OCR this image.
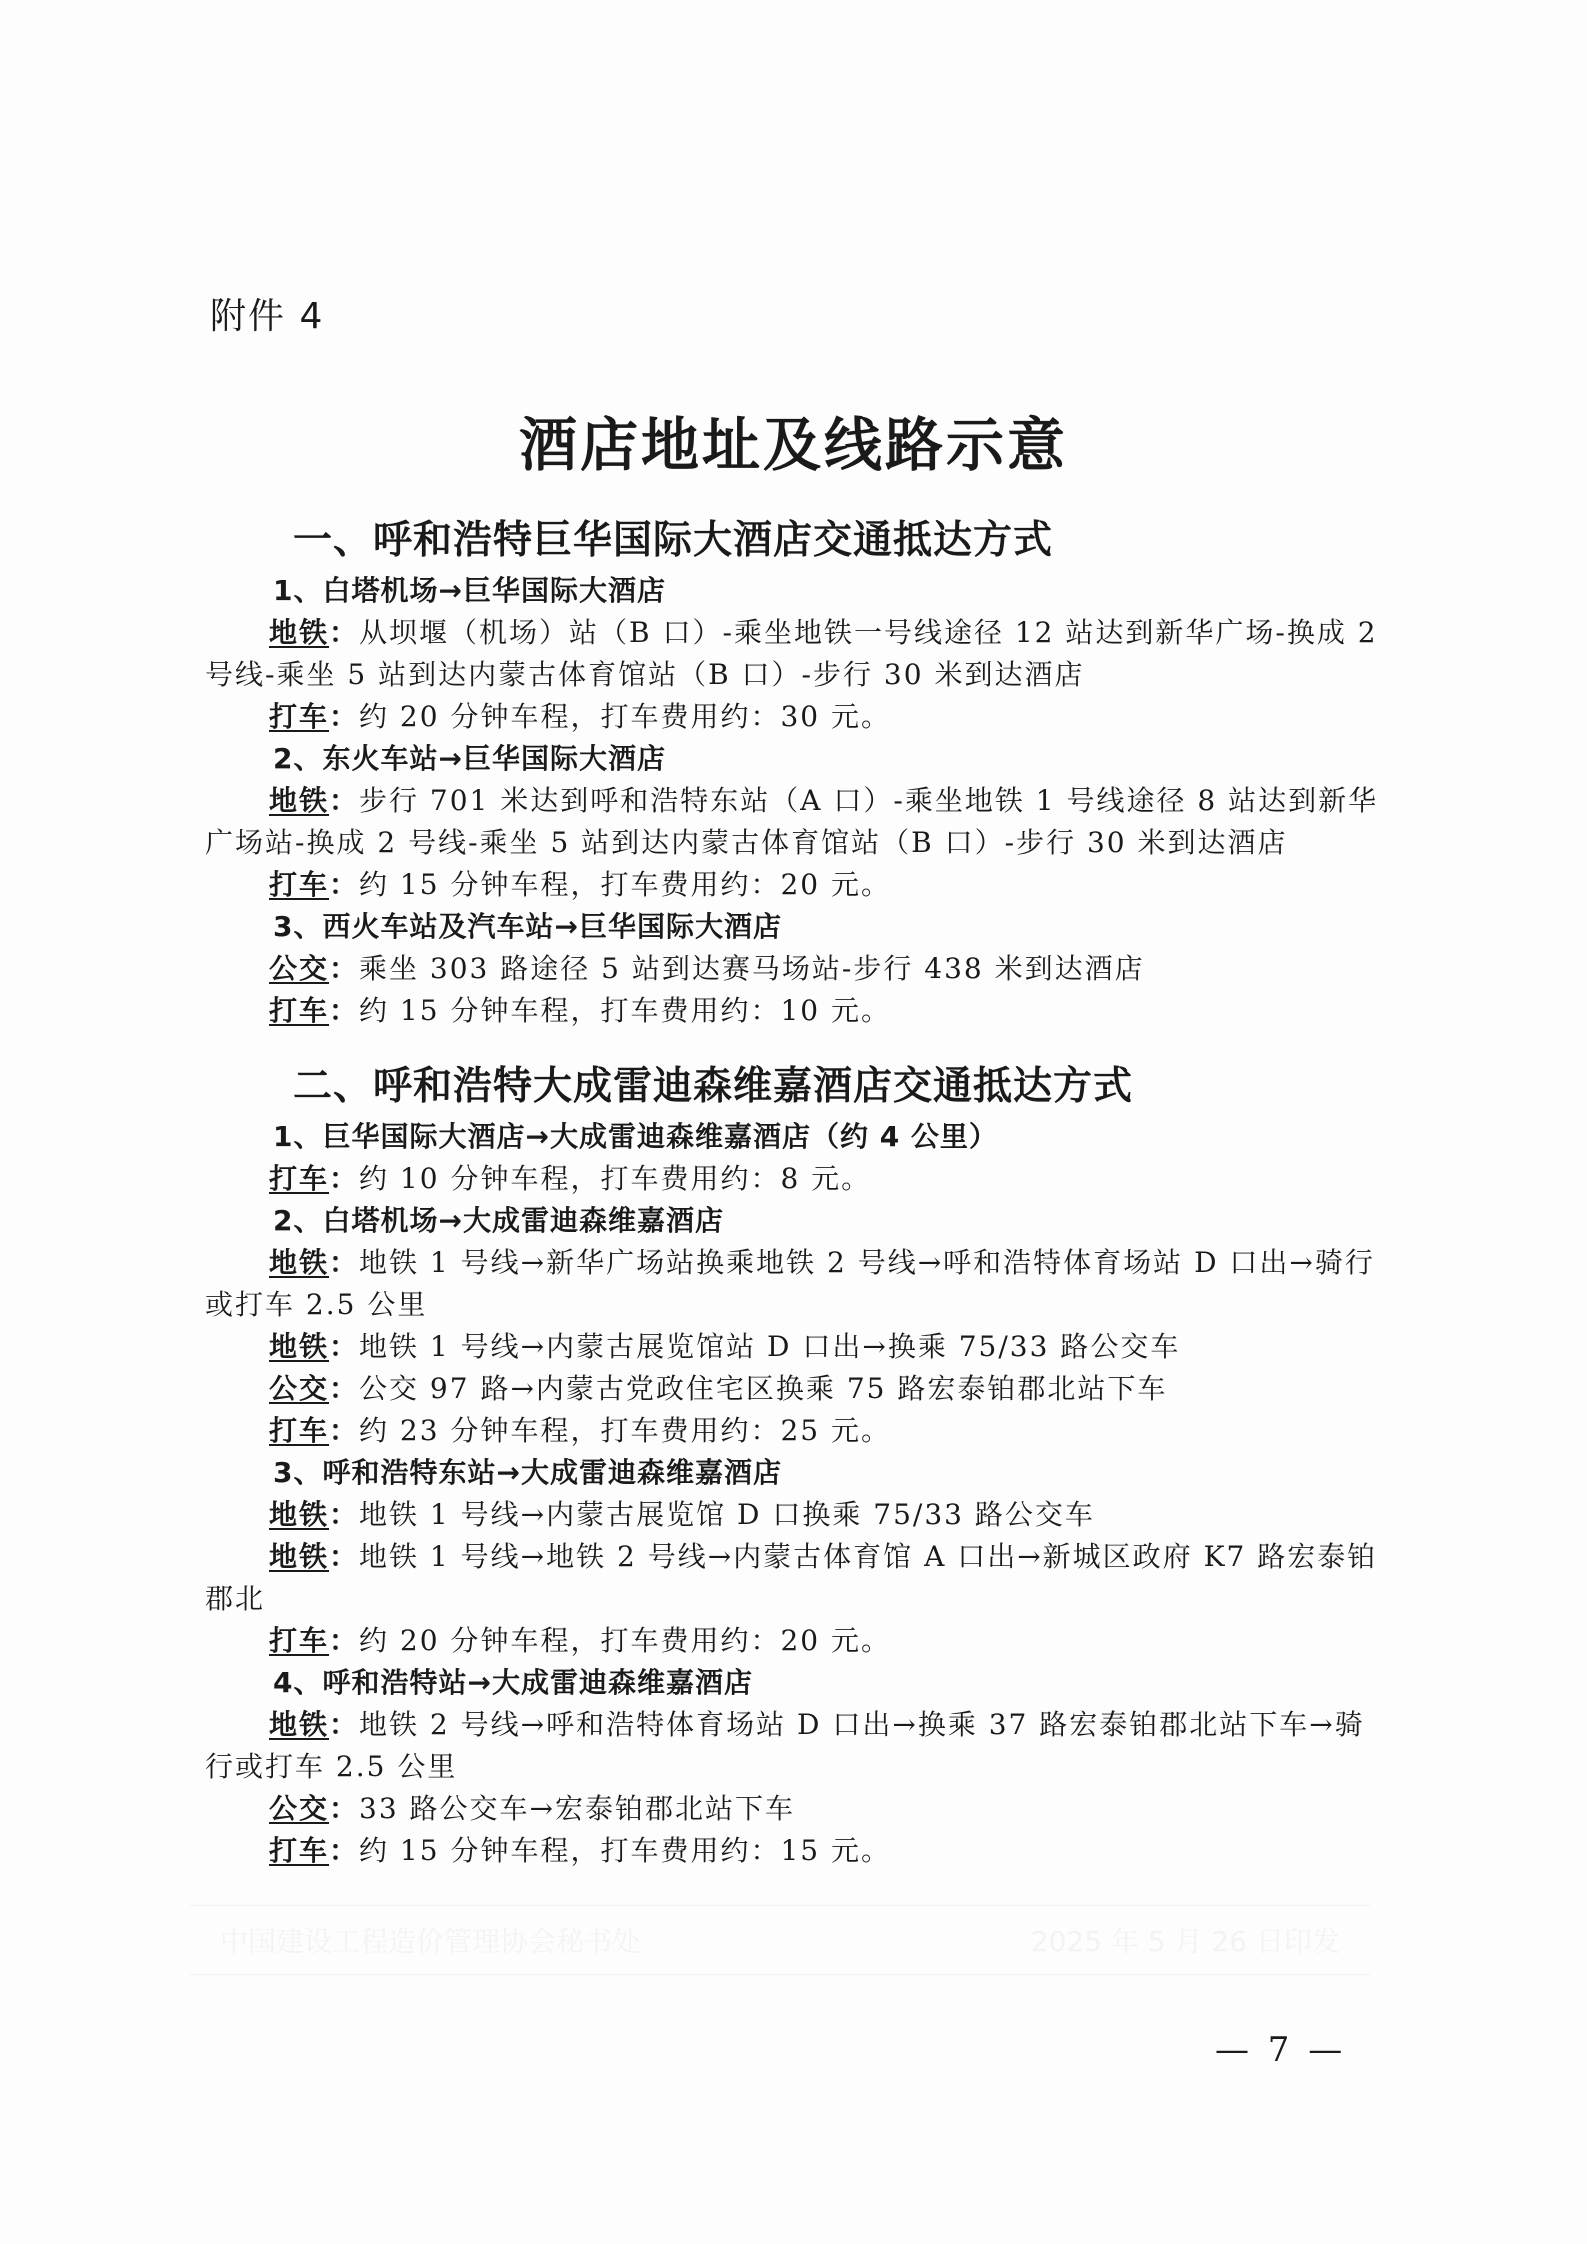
附件 4
酒店地址及线路示意
一、呼和浩特巨华国际大酒店交通抵达方式
1、白塔机场→巨华国际大酒店

地铁：从坝堰（机场）站（B 口）-乘坐地铁一号线途径 12 站达到新华广场-换成 2 号线-乘坐 5 站到达内蒙古体育馆站（B 口）-步行 30 米到达酒店

打车：约 20 分钟车程，打车费用约：30 元。

2、东火车站→巨华国际大酒店

地铁：步行 701 米达到呼和浩特东站（A 口）-乘坐地铁 1 号线途径 8 站达到新华广场站-换成 2 号线-乘坐 5 站到达内蒙古体育馆站（B 口）-步行 30 米到达酒店

打车：约 15 分钟车程，打车费用约：20 元。

3、西火车站及汽车站→巨华国际大酒店

公交：乘坐 303 路途径 5 站到达赛马场站-步行 438 米到达酒店

打车：约 15 分钟车程，打车费用约：10 元。

二、呼和浩特大成雷迪森维嘉酒店交通抵达方式
1、巨华国际大酒店→大成雷迪森维嘉酒店（约 4 公里）

打车：约 10 分钟车程，打车费用约：8 元。

2、白塔机场→大成雷迪森维嘉酒店

地铁：地铁 1 号线→新华广场站换乘地铁 2 号线→呼和浩特体育场站 D 口出→骑行或打车 2.5 公里

地铁：地铁 1 号线→内蒙古展览馆站 D 口出→换乘 75/33 路公交车

公交：公交 97 路→内蒙古党政住宅区换乘 75 路宏泰铂郡北站下车

打车：约 23 分钟车程，打车费用约：25 元。

3、呼和浩特东站→大成雷迪森维嘉酒店

地铁：地铁 1 号线→内蒙古展览馆 D 口换乘 75/33 路公交车

地铁：地铁 1 号线→地铁 2 号线→内蒙古体育馆 A 口出→新城区政府 K7 路宏泰铂郡北

打车：约 20 分钟车程，打车费用约：20 元。

4、呼和浩特站→大成雷迪森维嘉酒店

地铁：地铁 2 号线→呼和浩特体育场站 D 口出→换乘 37 路宏泰铂郡北站下车→骑行或打车 2.5 公里

公交：33 路公交车→宏泰铂郡北站下车

打车：约 15 分钟车程，打车费用约：15 元。

中国建设工程造价管理协会秘书处	2025 年 5 月 26 日印发
— 7 —
